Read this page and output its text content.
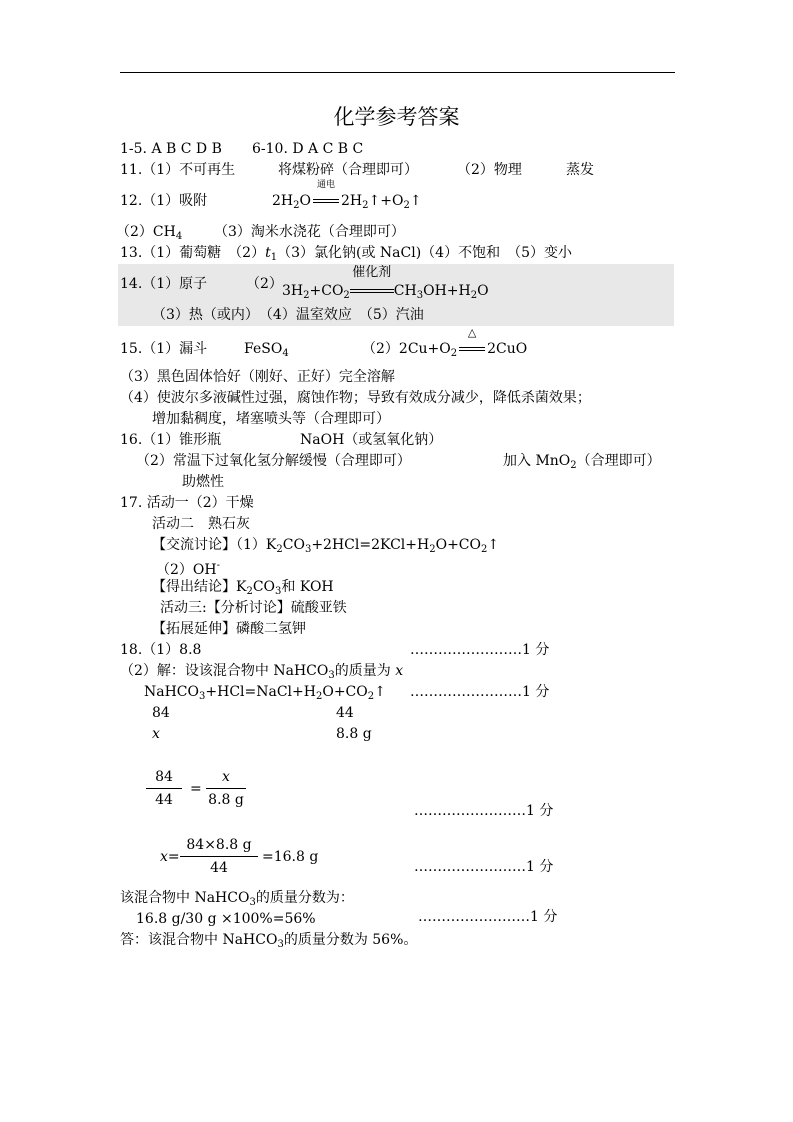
化学参考答案
1-5. A B C D B 6-10. D A C B C
11.（1）不可再生	将煤粉碎（合理即可）	（2）物理	蒸发
12.（1）吸附	$2H_2O$
通电
$2H_2↑+O_2↑$
$(2)CH_4$ （3）淘米水浇花（合理即可）
13.（1）葡萄糖　$(2)t_1(3)$氯化钠(或 NaCl)（4）不饱和　（5）变小
14.（1）原子	（2） $3H_2+CO_2$
催化剂
$CH_3OH+H_2O$
（3）热（或内）　（4）温室效应　（5）汽油
15.（1）漏斗	FeSO$_4$	$(2)2Cu+O_2$
△
2CuO
（3）黑色固体恰好（刚好、正好）完全溶解
（4）使波尔多液碱性过强，腐蚀作物；导致有效成分减少，降低杀菌效果；
增加黏稠度，堵塞喷头等（合理即可）
16.（1）锥形瓶	NaOH（或氢氧化钠）
（2）常温下过氧化氢分解缓慢（合理即可）	加入 MnO$_2$（合理即可）
助燃性
17. 活动一（2）干燥
活动二　熟石灰
【交流讨论】$(1)K_2CO_3+2HCl=2KCl+H_2O+CO_2↑$
（2）OH-
【得出结论】$K_2CO_3$和 KOH
活动三:【分析讨论】硫酸亚铁
【拓展延伸】磷酸二氢钾
18.（1）8.8	……………………1 分
（2）解：设该混合物中 NaHCO$_3$的质量为 x
$NaHCO_3+HCl=NaCl+H_2O+CO_2↑$ ……………………1 分
84	44
x	8.8 g
84
44
=
x
8.8 g
……………………1 分
x=
84×8.8 g
44
=16.8 g
……………………1 分
该混合物中 NaHCO$_3$的质量分数为：
16.8 g/30 g ×100%=56%	……………………1 分
答：该混合物中 NaHCO$_3$的质量分数为 56%。
